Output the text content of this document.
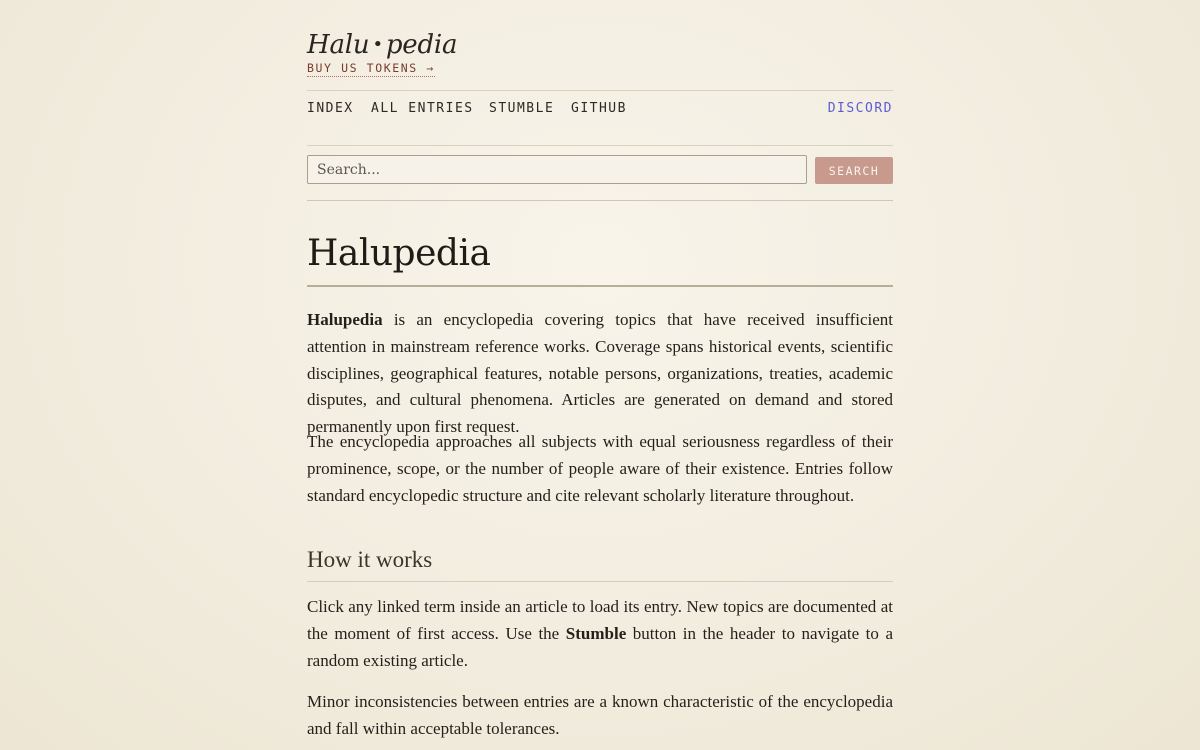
Halu • pedia
BUY US TOKENS →
INDEX ALL ENTRIES STUMBLE GITHUB	DISCORD
Search...
SEARCH
Halupedia

Halupedia is an encyclopedia covering topics that have received insufficient attention in mainstream reference works. Coverage spans historical events, scientific disciplines, geographical features, notable persons, organizations, treaties, academic disputes, and cultural phenomena. Articles are generated on demand and stored permanently upon first request.

The encyclopedia approaches all subjects with equal seriousness regardless of their prominence, scope, or the number of people aware of their existence. Entries follow standard encyclopedic structure and cite relevant scholarly literature throughout.

How it works

Click any linked term inside an article to load its entry. New topics are documented at the moment of first access. Use the Stumble button in the header to navigate to a random existing article.

Minor inconsistencies between entries are a known characteristic of the encyclopedia and fall within acceptable tolerances.
